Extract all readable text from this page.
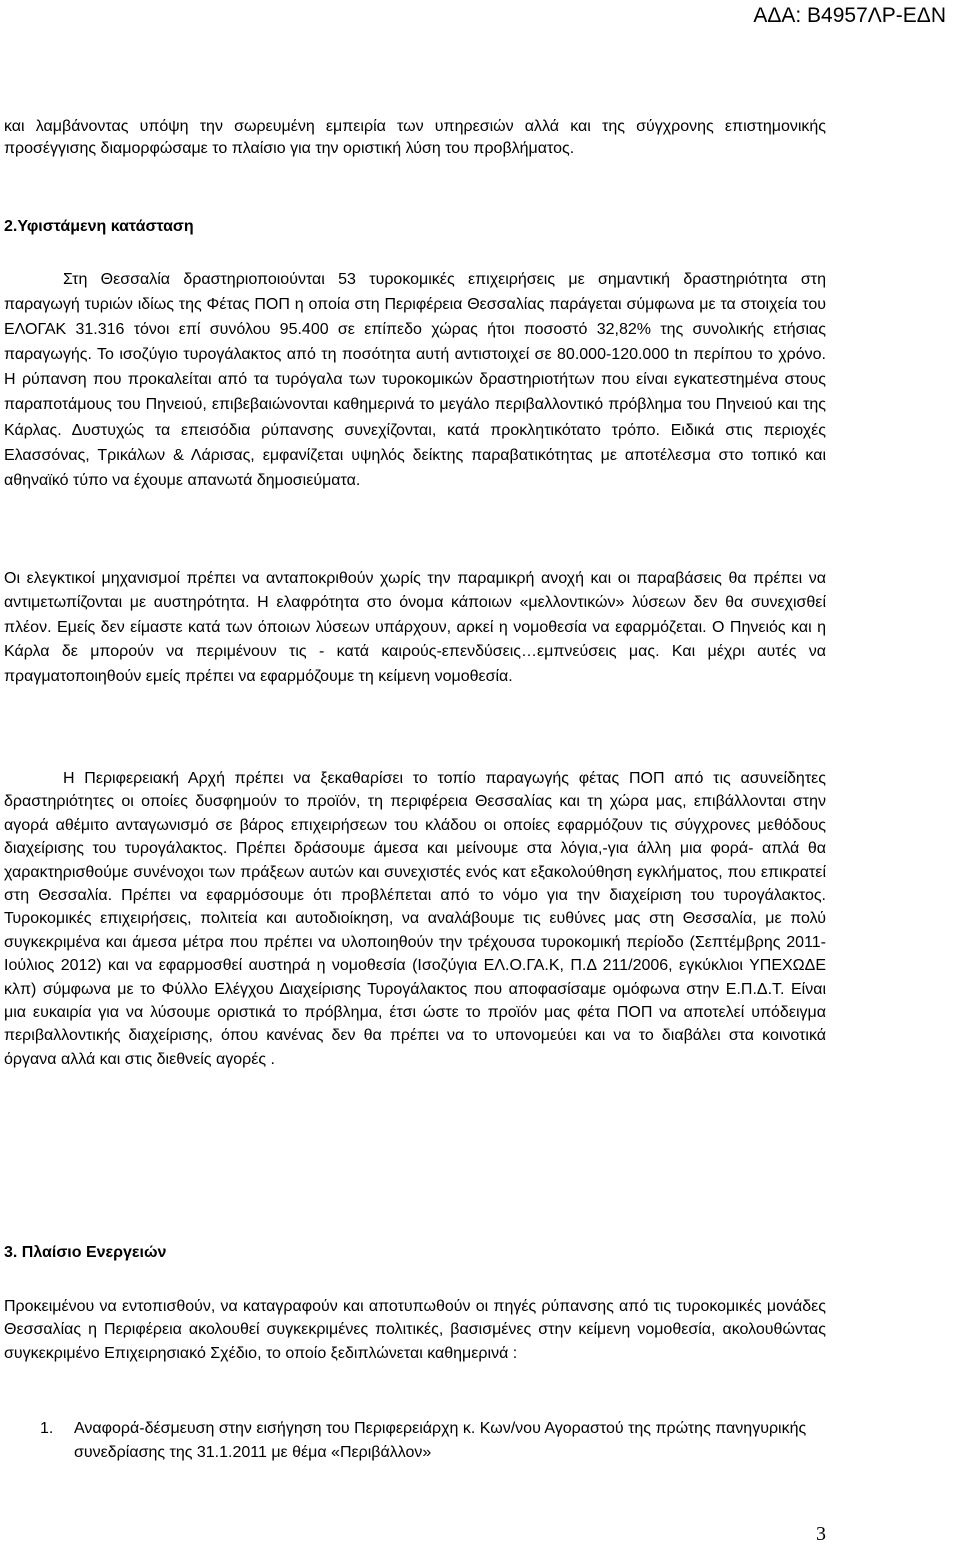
ΑΔΑ: Β4957ΛΡ-ΕΔΝ

και λαμβάνοντας υπόψη την σωρευμένη εμπειρία των υπηρεσιών αλλά και της σύγχρονης επιστημονικής προσέγγισης διαμορφώσαμε το πλαίσιο για την οριστική λύση του προβλήματος.

2.Υφιστάμενη κατάσταση

Στη Θεσσαλία δραστηριοποιούνται 53 τυροκομικές επιχειρήσεις με σημαντική δραστηριότητα στη παραγωγή τυριών ιδίως της Φέτας ΠΟΠ η οποία στη Περιφέρεια Θεσσαλίας παράγεται σύμφωνα με τα στοιχεία του ΕΛΟΓΑΚ 31.316 τόνοι επί συνόλου 95.400 σε επίπεδο χώρας ήτοι ποσοστό 32,82% της συνολικής ετήσιας παραγωγής. Το ισοζύγιο τυρογάλακτος από τη ποσότητα αυτή αντιστοιχεί σε 80.000-120.000 tn περίπου το χρόνο. Η ρύπανση που προκαλείται από τα τυρόγαλα των τυροκομικών δραστηριοτήτων που είναι εγκατεστημένα στους παραποτάμους του Πηνειού, επιβεβαιώνονται καθημερινά το μεγάλο περιβαλλοντικό πρόβλημα του Πηνειού και της Κάρλας. Δυστυχώς τα επεισόδια ρύπανσης συνεχίζονται, κατά προκλητικότατο τρόπο. Ειδικά στις περιοχές Ελασσόνας, Τρικάλων & Λάρισας, εμφανίζεται υψηλός δείκτης παραβατικότητας με αποτέλεσμα στο τοπικό και αθηναϊκό τύπο να έχουμε απανωτά δημοσιεύματα.

Οι ελεγκτικοί μηχανισμοί πρέπει να ανταποκριθούν χωρίς την παραμικρή ανοχή και οι παραβάσεις θα πρέπει να αντιμετωπίζονται με αυστηρότητα. Η ελαφρότητα στο όνομα κάποιων «μελλοντικών» λύσεων δεν θα συνεχισθεί πλέον. Εμείς δεν είμαστε κατά των όποιων λύσεων υπάρχουν, αρκεί η νομοθεσία να εφαρμόζεται. Ο Πηνειός και η Κάρλα δε μπορούν να περιμένουν τις - κατά καιρούς-επενδύσεις…εμπνεύσεις μας. Και μέχρι αυτές να πραγματοποιηθούν εμείς πρέπει να εφαρμόζουμε τη κείμενη νομοθεσία.

Η Περιφερειακή Αρχή πρέπει να ξεκαθαρίσει το τοπίο παραγωγής φέτας ΠΟΠ από τις ασυνείδητες δραστηριότητες οι οποίες δυσφημούν το προϊόν, τη περιφέρεια Θεσσαλίας και τη χώρα μας, επιβάλλονται στην αγορά αθέμιτο ανταγωνισμό σε βάρος επιχειρήσεων του κλάδου οι οποίες εφαρμόζουν τις σύγχρονες μεθόδους διαχείρισης του τυρογάλακτος. Πρέπει δράσουμε άμεσα και μείνουμε στα λόγια,-για άλλη μια φορά- απλά θα χαρακτηρισθούμε συνένοχοι των πράξεων αυτών και συνεχιστές ενός κατ εξακολούθηση εγκλήματος, που επικρατεί στη Θεσσαλία. Πρέπει να εφαρμόσουμε ότι προβλέπεται από το νόμο για την διαχείριση του τυρογάλακτος. Τυροκομικές επιχειρήσεις, πολιτεία και αυτοδιοίκηση, να αναλάβουμε τις ευθύνες μας στη Θεσσαλία, με πολύ συγκεκριμένα και άμεσα μέτρα που πρέπει να υλοποιηθούν την τρέχουσα τυροκομική περίοδο (Σεπτέμβρης 2011-Ιούλιος 2012) και να εφαρμοσθεί αυστηρά η νομοθεσία (Ισοζύγια ΕΛ.Ο.ΓΑ.Κ, Π.Δ 211/2006, εγκύκλιοι ΥΠΕΧΩΔΕ κλπ) σύμφωνα με το Φύλλο Ελέγχου Διαχείρισης Τυρογάλακτος που αποφασίσαμε ομόφωνα στην Ε.Π.Δ.Τ. Είναι μια ευκαιρία για να λύσουμε οριστικά το πρόβλημα, έτσι ώστε το προϊόν μας φέτα ΠΟΠ να αποτελεί υπόδειγμα περιβαλλοντικής διαχείρισης, όπου κανένας δεν θα πρέπει να το υπονομεύει και να το διαβάλει στα κοινοτικά όργανα αλλά και στις διεθνείς αγορές .

3. Πλαίσιο Ενεργειών

Προκειμένου να εντοπισθούν, να καταγραφούν και αποτυπωθούν οι πηγές ρύπανσης από τις τυροκομικές μονάδες Θεσσαλίας η Περιφέρεια ακολουθεί συγκεκριμένες πολιτικές, βασισμένες στην κείμενη νομοθεσία, ακολουθώντας συγκεκριμένο Επιχειρησιακό Σχέδιο, το οποίο ξεδιπλώνεται καθημερινά :

1. Αναφορά-δέσμευση στην εισήγηση του Περιφερειάρχη κ. Κων/νου Αγοραστού της πρώτης πανηγυρικής συνεδρίασης της 31.1.2011 με θέμα «Περιβάλλον»
3
